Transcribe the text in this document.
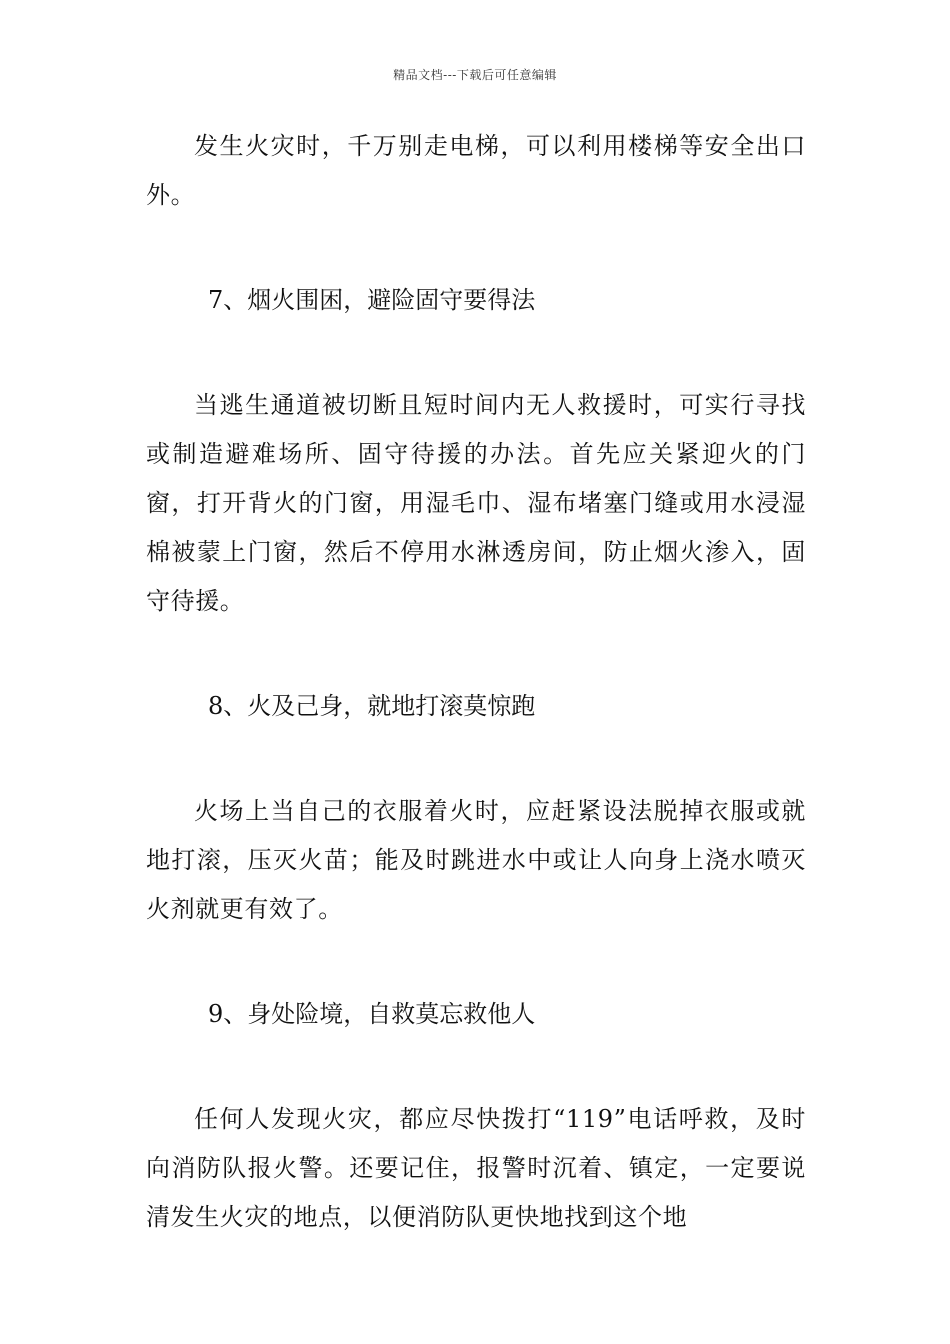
精品文档---下载后可任意编辑

发生火灾时，千万别走电梯，可以利用楼梯等安全出口外。

7、烟火围困，避险固守要得法

当逃生通道被切断且短时间内无人救援时，可实行寻找或制造避难场所、固守待援的办法。首先应关紧迎火的门窗，打开背火的门窗，用湿毛巾、湿布堵塞门缝或用水浸湿棉被蒙上门窗，然后不停用水淋透房间，防止烟火渗入，固守待援。

8、火及己身，就地打滚莫惊跑

火场上当自己的衣服着火时，应赶紧设法脱掉衣服或就地打滚，压灭火苗；能及时跳进水中或让人向身上浇水喷灭火剂就更有效了。

9、身处险境，自救莫忘救他人

任何人发现火灾，都应尽快拨打“119”电话呼救，及时向消防队报火警。还要记住，报警时沉着、镇定，一定要说清发生火灾的地点，以便消防队更快地找到这个地
